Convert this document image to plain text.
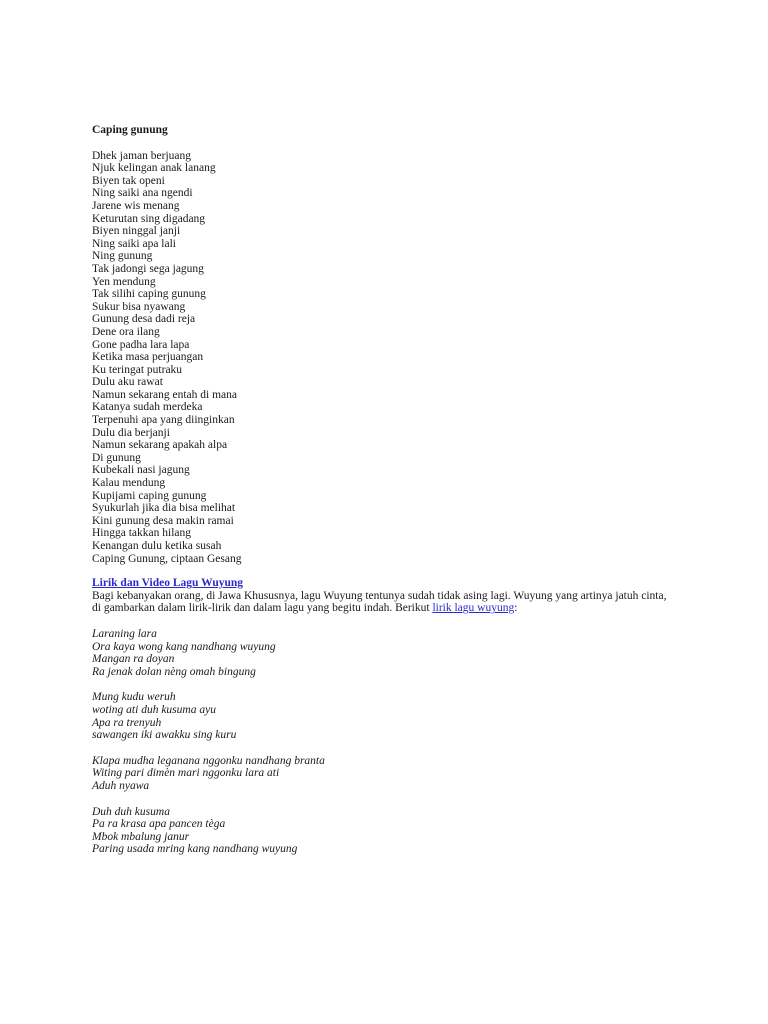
Caping gunung
Dhek jaman berjuang
Njuk kelingan anak lanang
Biyen tak openi
Ning saiki ana ngendi
Jarene wis menang
Keturutan sing digadang
Biyen ninggal janji
Ning saiki apa lali
Ning gunung
Tak jadongi sega jagung
Yen mendung
Tak silihi caping gunung
Sukur bisa nyawang
Gunung desa dadi reja
Dene ora ilang
Gone padha lara lapa
Ketika masa perjuangan
Ku teringat putraku
Dulu aku rawat
Namun sekarang entah di mana
Katanya sudah merdeka
Terpenuhi apa yang diinginkan
Dulu dia berjanji
Namun sekarang apakah alpa
Di gunung
Kubekali nasi jagung
Kalau mendung
Kupijami caping gunung
Syukurlah jika dia bisa melihat
Kini gunung desa makin ramai
Hingga takkan hilang
Kenangan dulu ketika susah
Caping Gunung, ciptaan Gesang
Lirik dan Video Lagu Wuyung

Bagi kebanyakan orang, di Jawa Khususnya, lagu Wuyung tentunya sudah tidak asing lagi. Wuyung yang artinya jatuh cinta,
di gambarkan dalam lirik-lirik dan dalam lagu yang begitu indah. Berikut lirik lagu wuyung:

Laraning lara
Ora kaya wong kang nandhang wuyung
Mangan ra doyan
Ra jenak dolan nèng omah bingung
Mung kudu weruh
woting ati duh kusuma ayu
Apa ra trenyuh
sawangen iki awakku sing kuru
Klapa mudha leganana nggonku nandhang branta
Witing pari dimèn mari nggonku lara ati
Aduh nyawa
Duh duh kusuma
Pa ra krasa apa pancen tèga
Mbok mbalung janur
Paring usada mring kang nandhang wuyung
